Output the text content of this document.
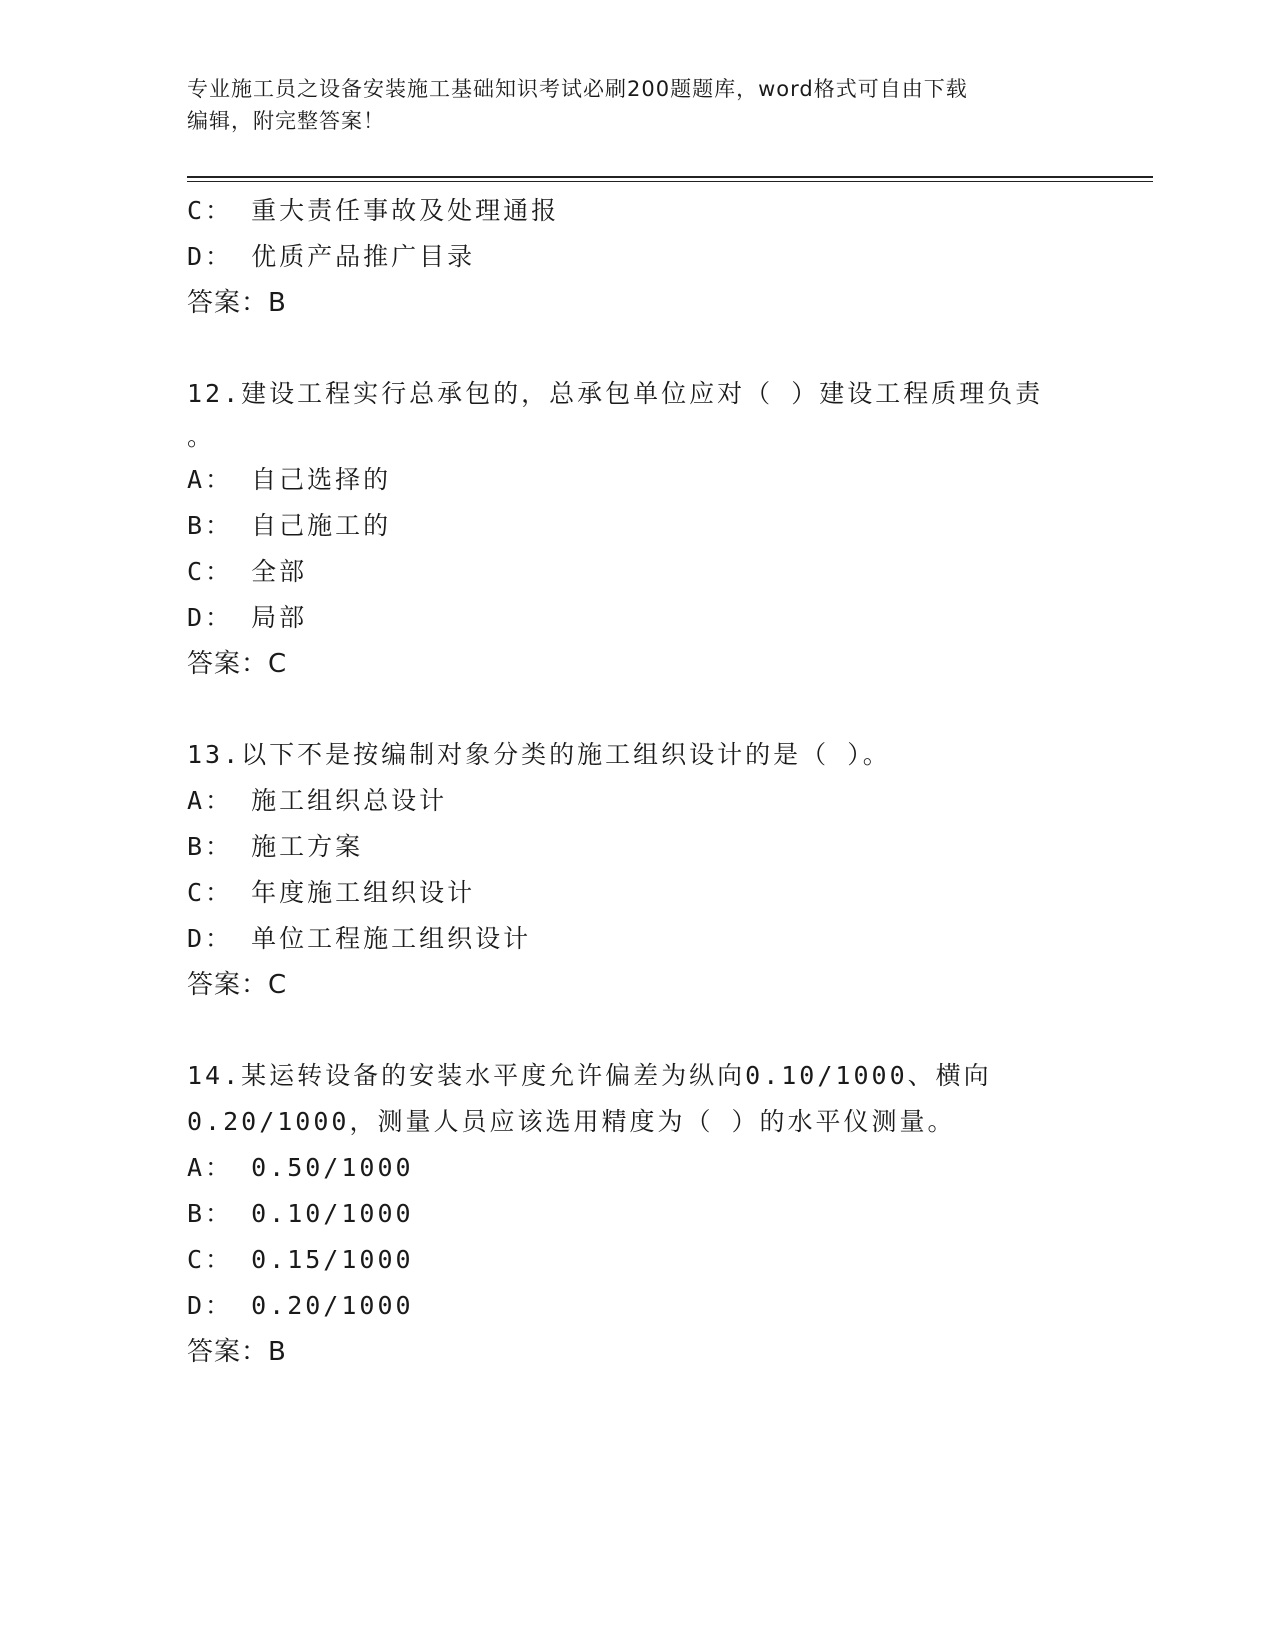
专业施工员之设备安装施工基础知识考试必刷200题题库，word格式可自由下载
编辑，附完整答案！
C： 重大责任事故及处理通报
D： 优质产品推广目录
答案：B
12.建设工程实行总承包的，总承包单位应对（ ）建设工程质理负责
。
A： 自己选择的
B： 自己施工的
C： 全部
D： 局部
答案：C
13.以下不是按编制对象分类的施工组织设计的是（ ）。
A： 施工组织总设计
B： 施工方案
C： 年度施工组织设计
D： 单位工程施工组织设计
答案：C
14.某运转设备的安装水平度允许偏差为纵向0.10/1000、横向
0.20/1000，测量人员应该选用精度为（ ）的水平仪测量。
A： 0.50/1000
B： 0.10/1000
C： 0.15/1000
D： 0.20/1000
答案：B
